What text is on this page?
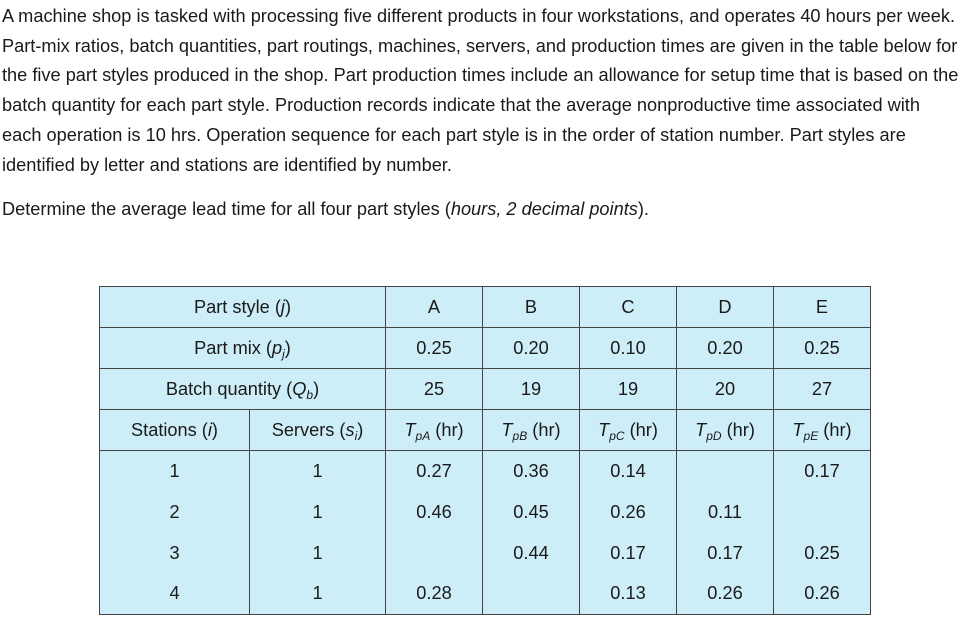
A machine shop is tasked with processing five different products in four workstations, and operates 40 hours per week. Part-mix ratios, batch quantities, part routings, machines, servers, and production times are given in the table below for the five part styles produced in the shop. Part production times include an allowance for setup time that is based on the batch quantity for each part style. Production records indicate that the average nonproductive time associated with each operation is 10 hrs. Operation sequence for each part style is in the order of station number. Part styles are identified by letter and stations are identified by number.

Determine the average lead time for all four part styles (hours, 2 decimal points).

Part style (j)		A	B	C	D	E
Part mix $(p_j)$		0.25	0.20	0.10	0.20	0.25
Batch quantity $(Q_b)$		25	19	19	20	27
Stations (i)	Servers $(s_i)$	$T_{pA}$ (hr)	$T_{pB}$ (hr)	$T_{pC}$ (hr)	$T_{pD}$ (hr)	$T_{pE}$ (hr)
1	1	0.27	0.36	0.14		0.17
2	1	0.46	0.45	0.26	0.11	
3	1		0.44	0.17	0.17	0.25
4	1	0.28		0.13	0.26	0.26
